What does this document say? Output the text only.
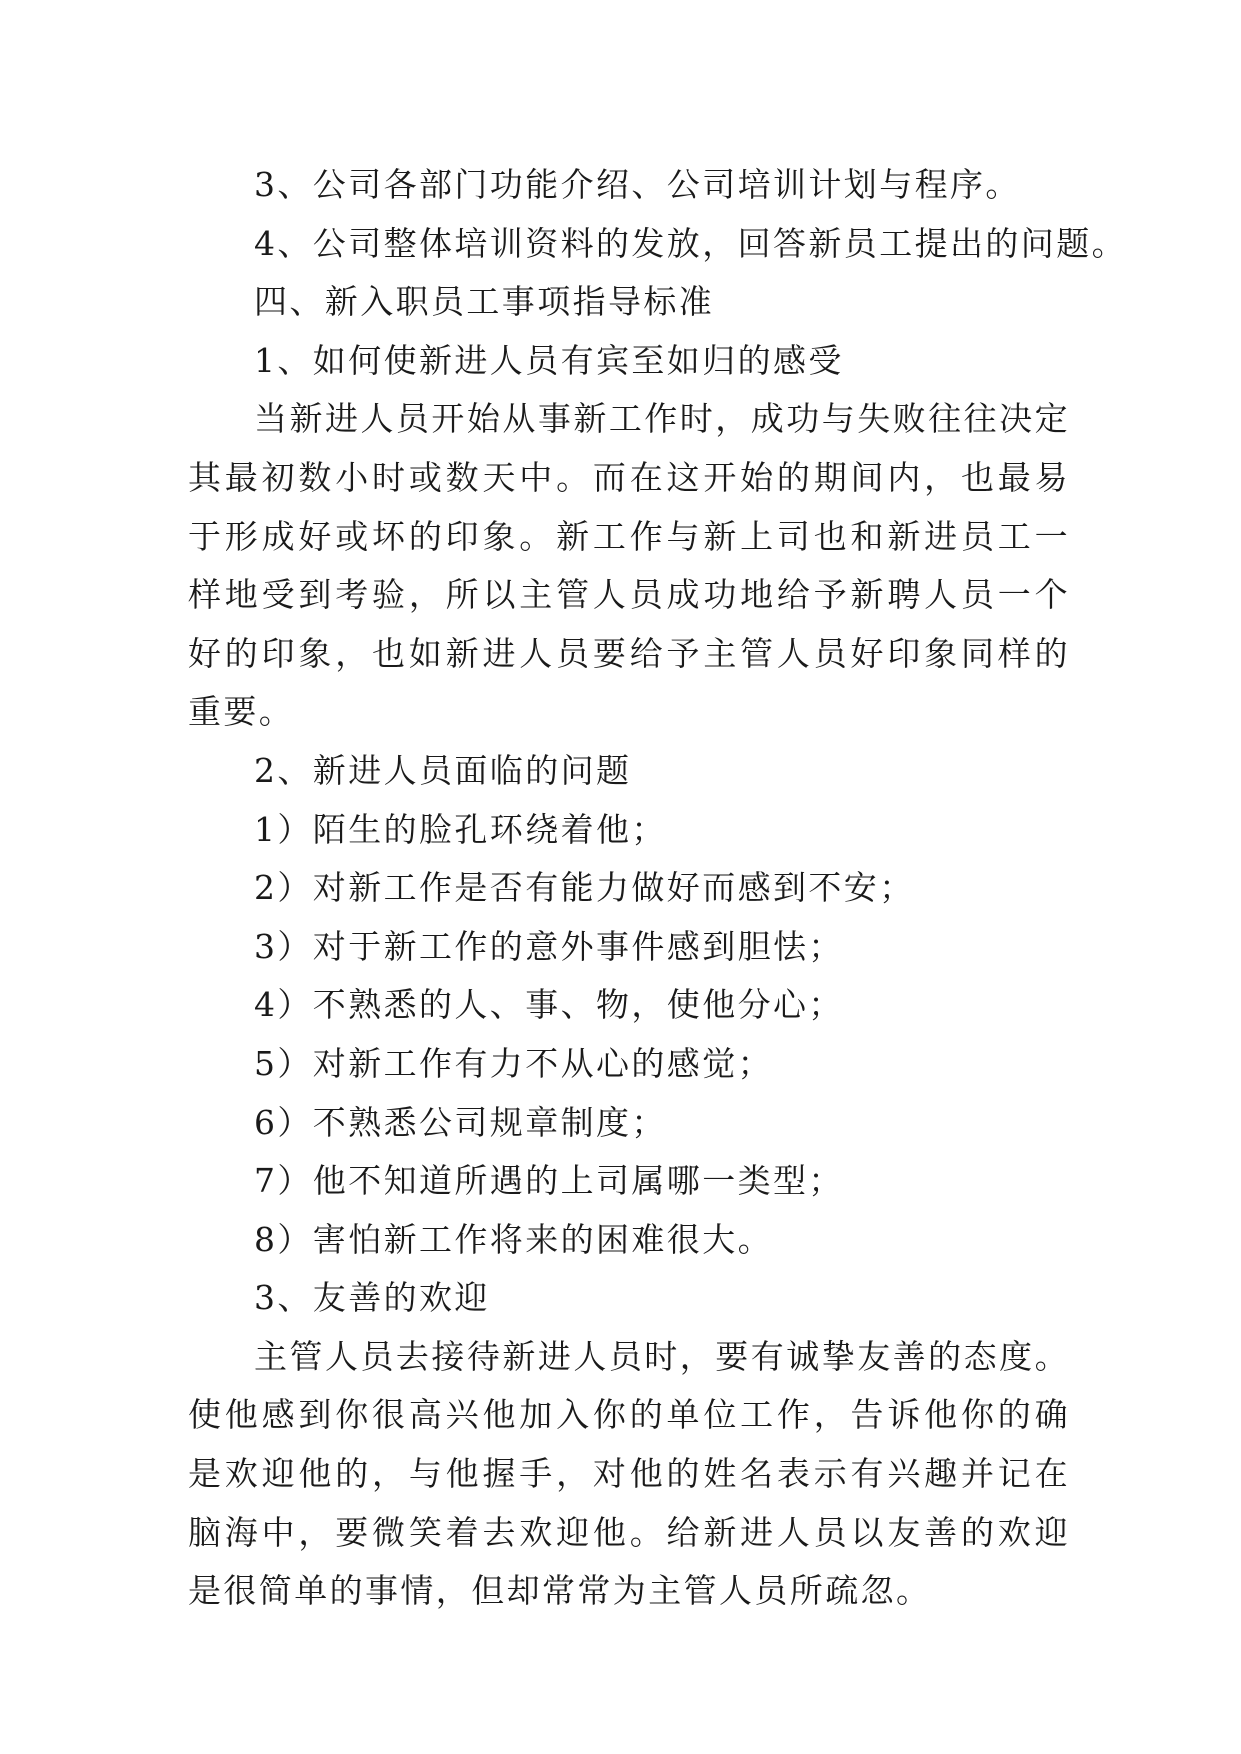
3、公司各部门功能介绍、公司培训计划与程序。

4、公司整体培训资料的发放，回答新员工提出的问题。

四、新入职员工事项指导标准

1、如何使新进人员有宾至如归的感受

当新进人员开始从事新工作时，成功与失败往往决定其最初数小时或数天中。而在这开始的期间内，也最易于形成好或坏的印象。新工作与新上司也和新进员工一样地受到考验，所以主管人员成功地给予新聘人员一个好的印象，也如新进人员要给予主管人员好印象同样的重要。

2、新进人员面临的问题

1）陌生的脸孔环绕着他；

2）对新工作是否有能力做好而感到不安；

3）对于新工作的意外事件感到胆怯；

4）不熟悉的人、事、物，使他分心；

5）对新工作有力不从心的感觉；

6）不熟悉公司规章制度；

7）他不知道所遇的上司属哪一类型；

8）害怕新工作将来的困难很大。

3、友善的欢迎

主管人员去接待新进人员时，要有诚挚友善的态度。使他感到你很高兴他加入你的单位工作，告诉他你的确是欢迎他的，与他握手，对他的姓名表示有兴趣并记在脑海中，要微笑着去欢迎他。给新进人员以友善的欢迎是很简单的事情，但却常常为主管人员所疏忽。
